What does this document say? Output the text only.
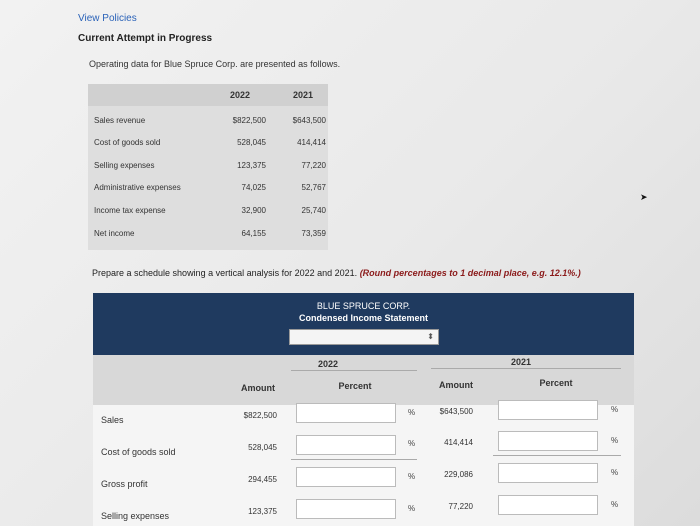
View Policies
Current Attempt in Progress
Operating data for Blue Spruce Corp. are presented as follows.
2022	2021
Sales revenue	$822,500	$643,500
Cost of goods sold	528,045	414,414
Selling expenses	123,375	77,220
Administrative expenses	74,025	52,767
Income tax expense	32,900	25,740
Net income	64,155	73,359
Prepare a schedule showing a vertical analysis for 2022 and 2021. (Round percentages to 1 decimal place, e.g. 12.1%.)
BLUE SPRUCE CORP.
Condensed Income Statement
⬍
2022	2021
Amount	Percent	Amount	Percent
Sales	$822,500	%	$643,500	%
Cost of goods sold	528,045	%	414,414	%
Gross profit	294,455	%	229,086	%
Selling expenses	123,375	%	77,220	%
➤
